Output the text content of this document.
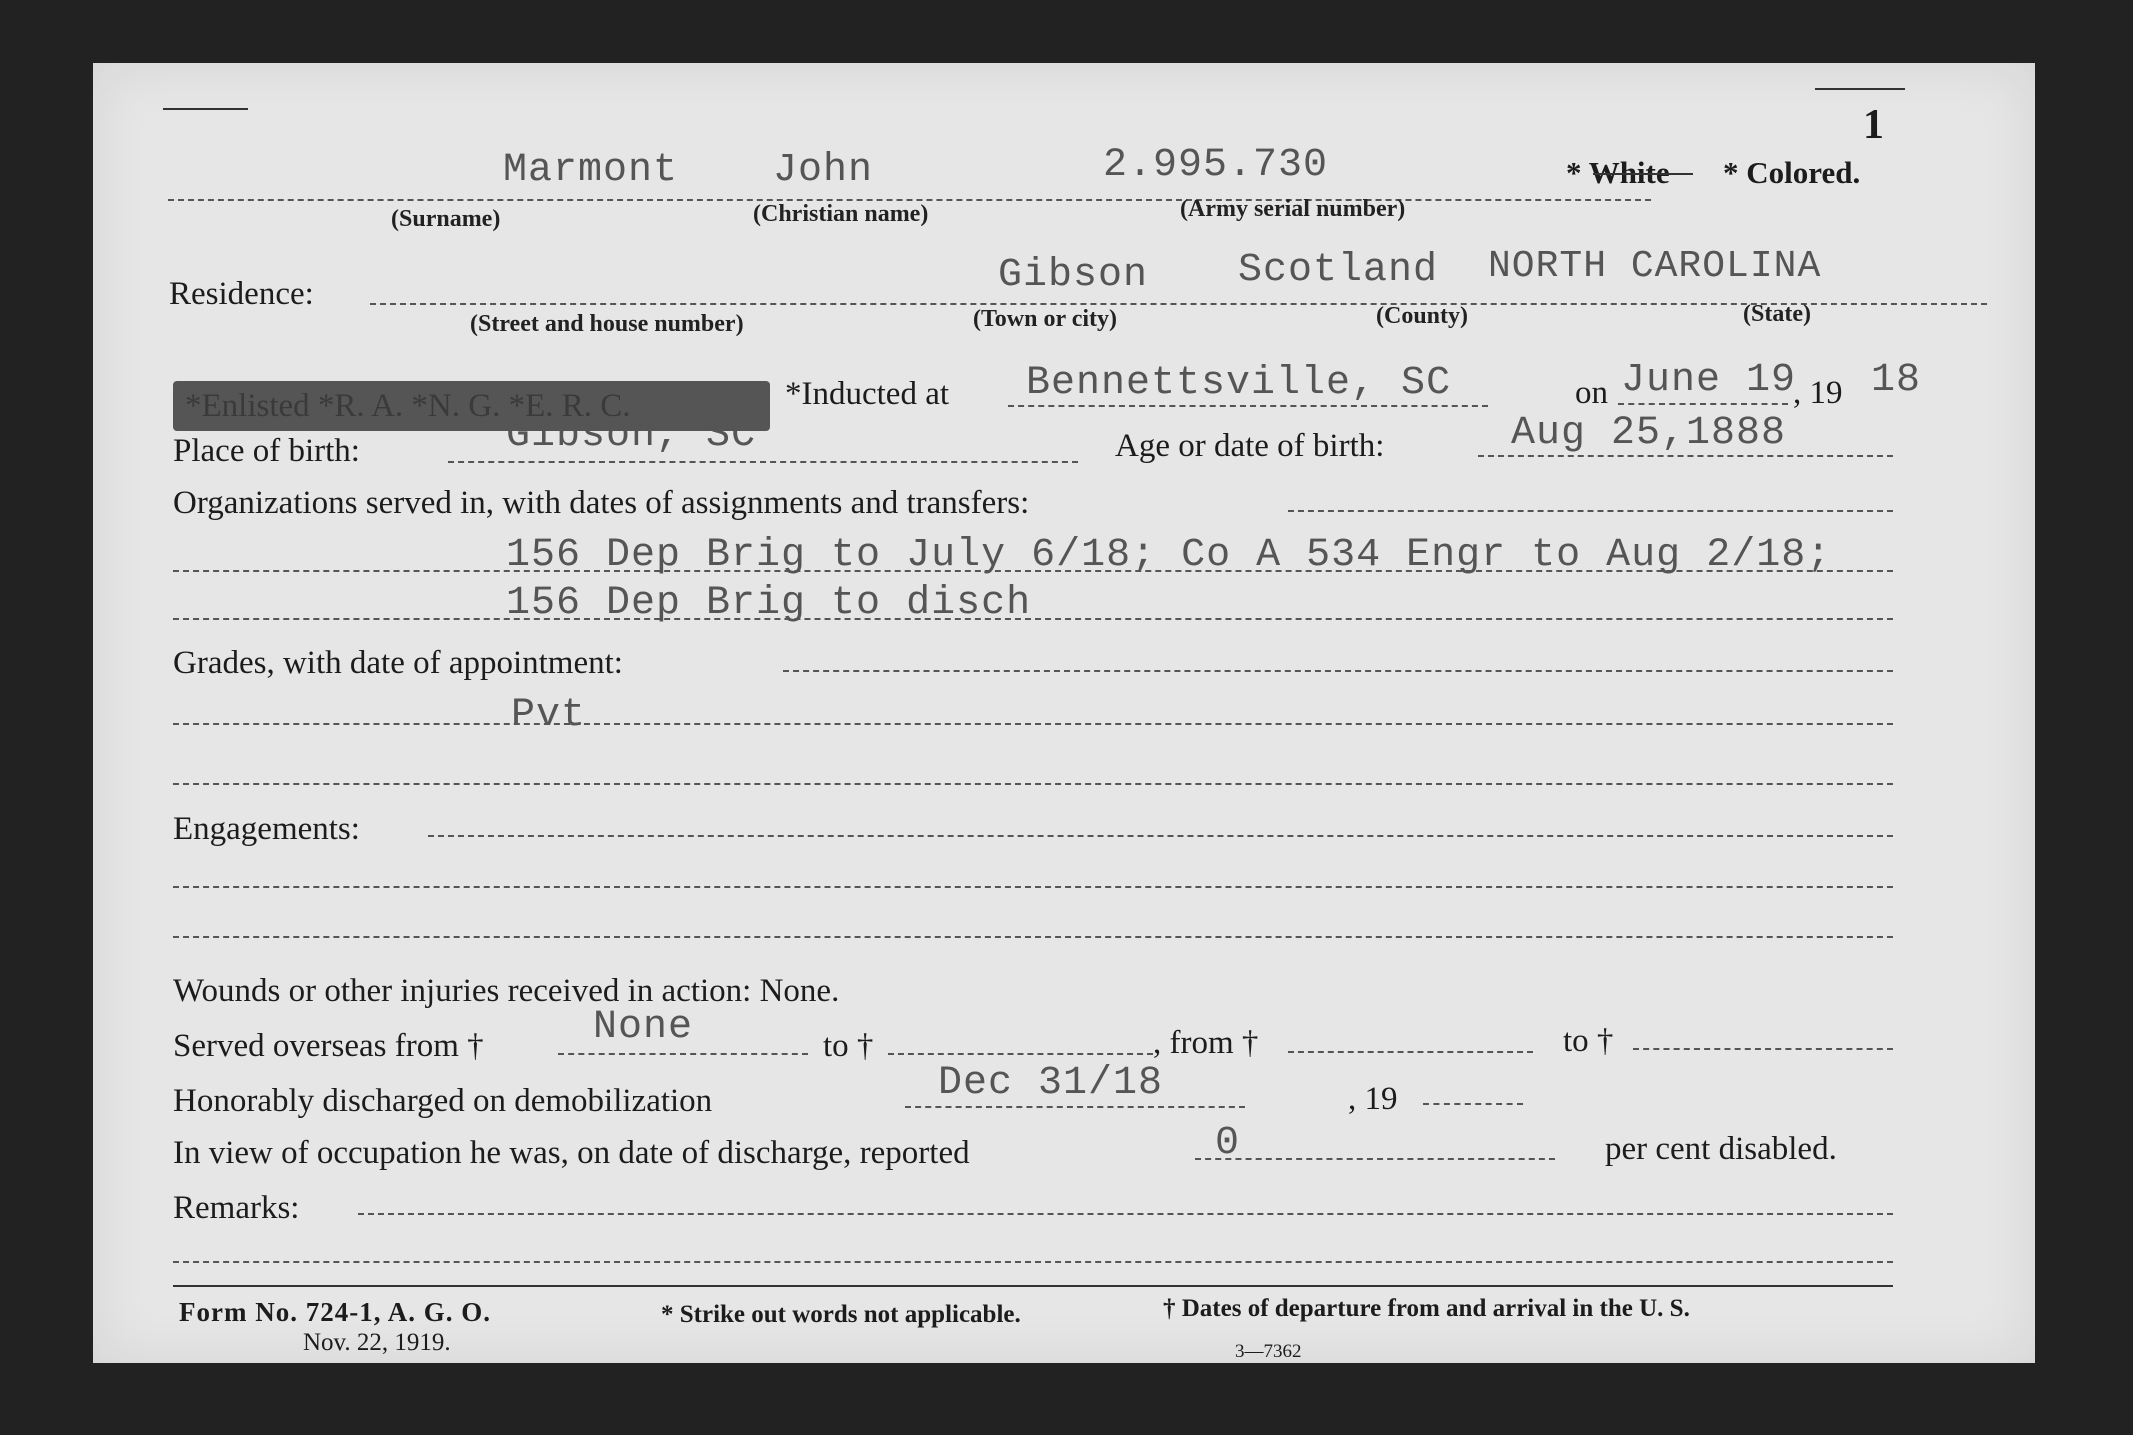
1
Marmont John	2.995.730	* White * Colored.
(Surname)	(Christian name)	(Army serial number)
Residence:	Gibson Scotland NORTH CAROLINA
(Street and house number)	(Town or city)	(County)	(State)
*Enlisted *R. A. *N. G. *E. R. C.	*Inducted at Bennettsville, SC	on June 19
, 19 18
Place of birth:	Gibson, SC	Age or date of birth:	Aug 25,1888
Organizations served in, with dates of assignments and transfers:
156 Dep Brig to July 6/18; Co A 534 Engr to Aug 2/18;
156 Dep Brig to disch
Grades, with date of appointment:
Pvt
Engagements:
Wounds or other injuries received in action: None.
Served overseas from †	None	to †	, from †	to †
Honorably discharged on demobilization	Dec 31/18	, 19
In view of occupation he was, on date of discharge, reported	0	per cent disabled.
Remarks:
Form No. 724-1, A. G. O.
Nov. 22, 1919.
* Strike out words not applicable.	† Dates of departure from and arrival in the U. S.
3—7362
